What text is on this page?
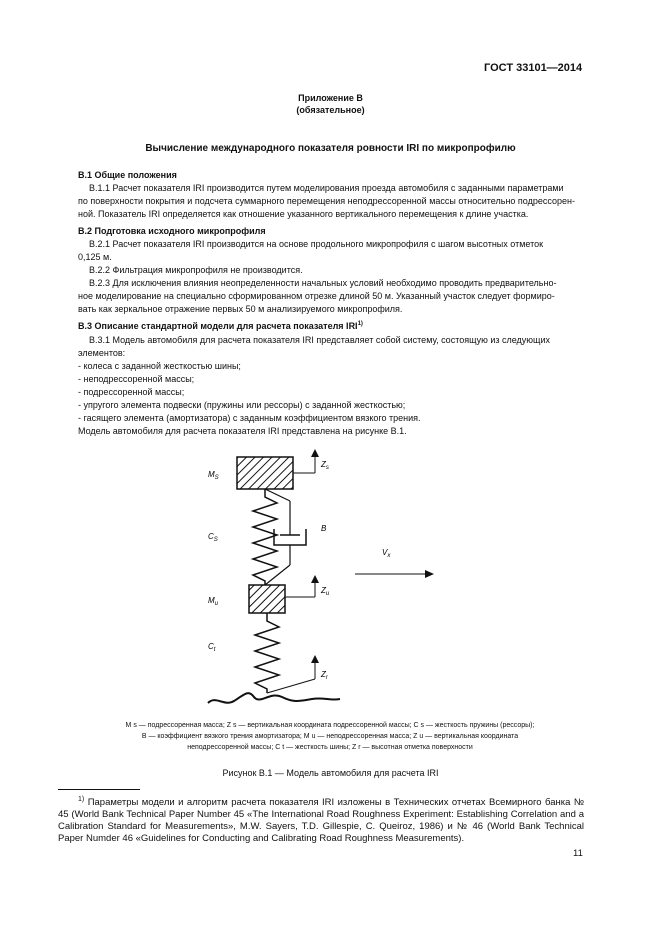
ГОСТ 33101—2014
Приложение В
(обязательное)
Вычисление международного показателя ровности IRI по микропрофилю
В.1 Общие положения
В.1.1 Расчет показателя IRI производится путем моделирования проезда автомобиля с заданными параметрами
по поверхности покрытия и подсчета суммарного перемещения неподрессоренной массы относительно подрессорен-
ной. Показатель IRI определяется как отношение указанного вертикального перемещения к длине участка.
В.2 Подготовка исходного микропрофиля
В.2.1 Расчет показателя IRI производится на основе продольного микропрофиля с шагом высотных отметок
0,125 м.
В.2.2 Фильтрация микропрофиля не производится.
В.2.3 Для исключения влияния неопределенности начальных условий необходимо проводить предварительно-
ное моделирование на специально сформированном отрезке длиной 50 м. Указанный участок следует формиро-
вать как зеркальное отражение первых 50 м анализируемого микропрофиля.
В.3 Описание стандартной модели для расчета показателя IRI$^{1)}$
В.3.1 Модель автомобиля для расчета показателя IRI представляет собой систему, состоящую из следующих
элементов:
- колеса с заданной жесткостью шины;
- неподрессоренной массы;
- подрессоренной массы;
- упругого элемента подвески (пружины или рессоры) с заданной жесткостью;
- гасящего элемента (амортизатора) с заданным коэффициентом вязкого трения.
Модель автомобиля для расчета показателя IRI представлена на рисунке В.1.
$M_S$
$Z_s$
$C_S$
B
$V_x$
$M_u$
$Z_u$
$C_t$
$Z_r$
M s — подрессоренная масса; Z s — вертикальная координата подрессоренной массы; C s — жесткость пружины (рессоры);
B — коэффициент вязкого трения амортизатора; M u — неподрессоренная масса; Z u — вертикальная координата
неподрессоренной массы; C t — жесткость шины; Z r — высотная отметка поверхности
Рисунок В.1 — Модель автомобиля для расчета IRI
$^{1)}$ Параметры модели и алгоритм расчета показателя IRI изложены в Технических отчетах Всемирного банка № 45 (World Bank Technical Paper Number 45 «The International Road Roughness Experiment: Establishing Correlation and a Calibration Standard for Measurements», M.W. Sayers, T.D. Gillespie, C. Queiroz, 1986) и № 46 (World Bank Technical Paper Numder 46 «Guidelines for Conducting and Calibrating Road Roughness Measurements).
11
